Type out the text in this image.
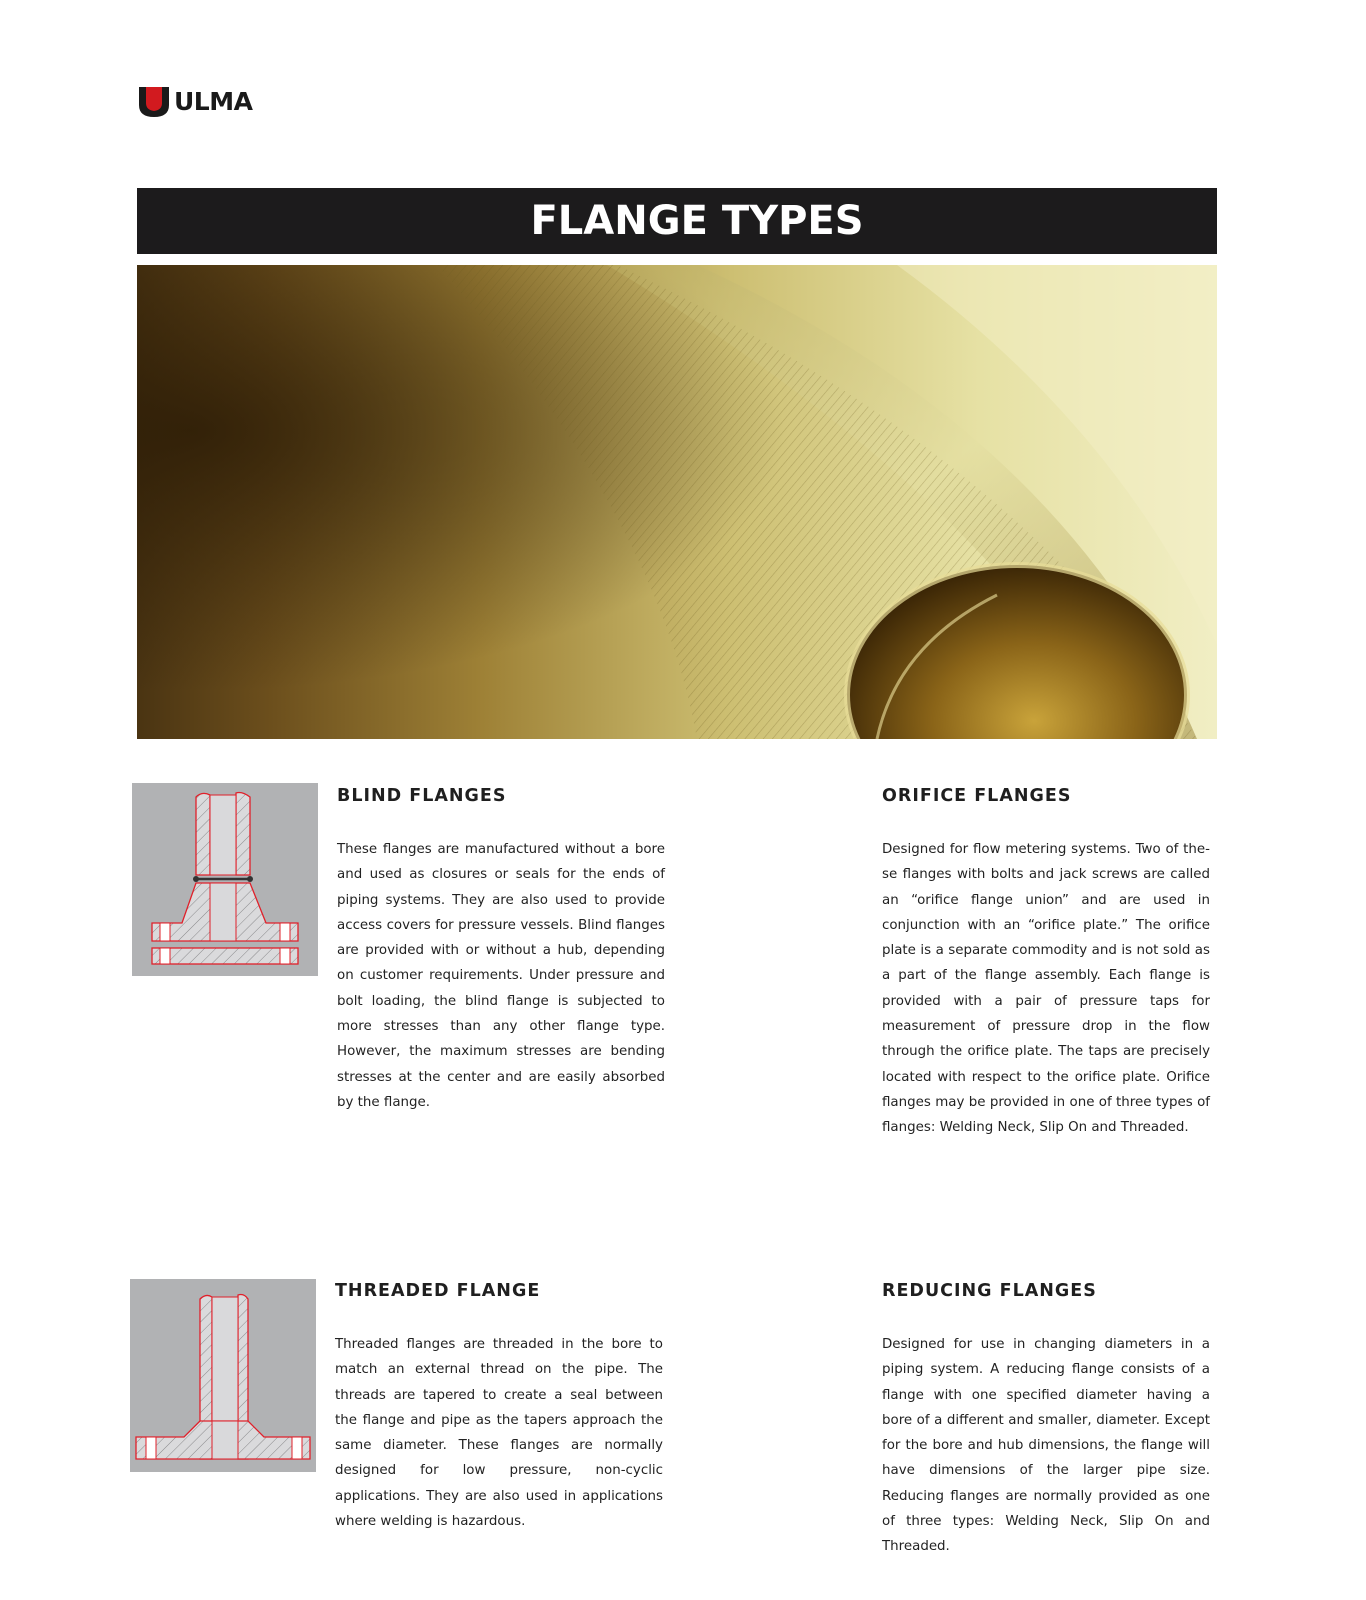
ULMA
FLANGE TYPES
BLIND FLANGES

These flanges are manufactured without a bore and used as closures or seals for the ends of piping systems. They are also used to provide access covers for pressure vessels. Blind flanges are provided with or without a hub, depending on customer requirements. Under pressure and bolt loading, the blind flange is subjected to more stresses than any other flange type. However, the maximum stresses are bending stresses at the center and are easily absorbed by the flange.

ORIFICE FLANGES

Designed for flow metering systems. Two of these flanges with bolts and jack screws are called an “orifice flange union” and are used in conjunction with an “orifice plate.” The orifice plate is a separate commodity and is not sold as a part of the flange assembly. Each flange is provided with a pair of pressure taps for measurement of pressure drop in the flow through the orifice plate. The taps are precisely located with respect to the orifice plate. Orifice flanges may be provided in one of three types of flanges: Welding Neck, Slip On and Threaded.

THREADED FLANGE

Threaded flanges are threaded in the bore to match an external thread on the pipe. The threads are tapered to create a seal between the flange and pipe as the tapers approach the same diameter. These flanges are normally designed for low pressure, non-cyclic applications. They are also used in applications where welding is hazardous.

REDUCING FLANGES

Designed for use in changing diameters in a piping system. A reducing flange consists of a flange with one specified diameter having a bore of a different and smaller, diameter. Except for the bore and hub dimensions, the flange will have dimensions of the larger pipe size. Reducing flanges are normally provided as one of three types: Welding Neck, Slip On and Threaded.
